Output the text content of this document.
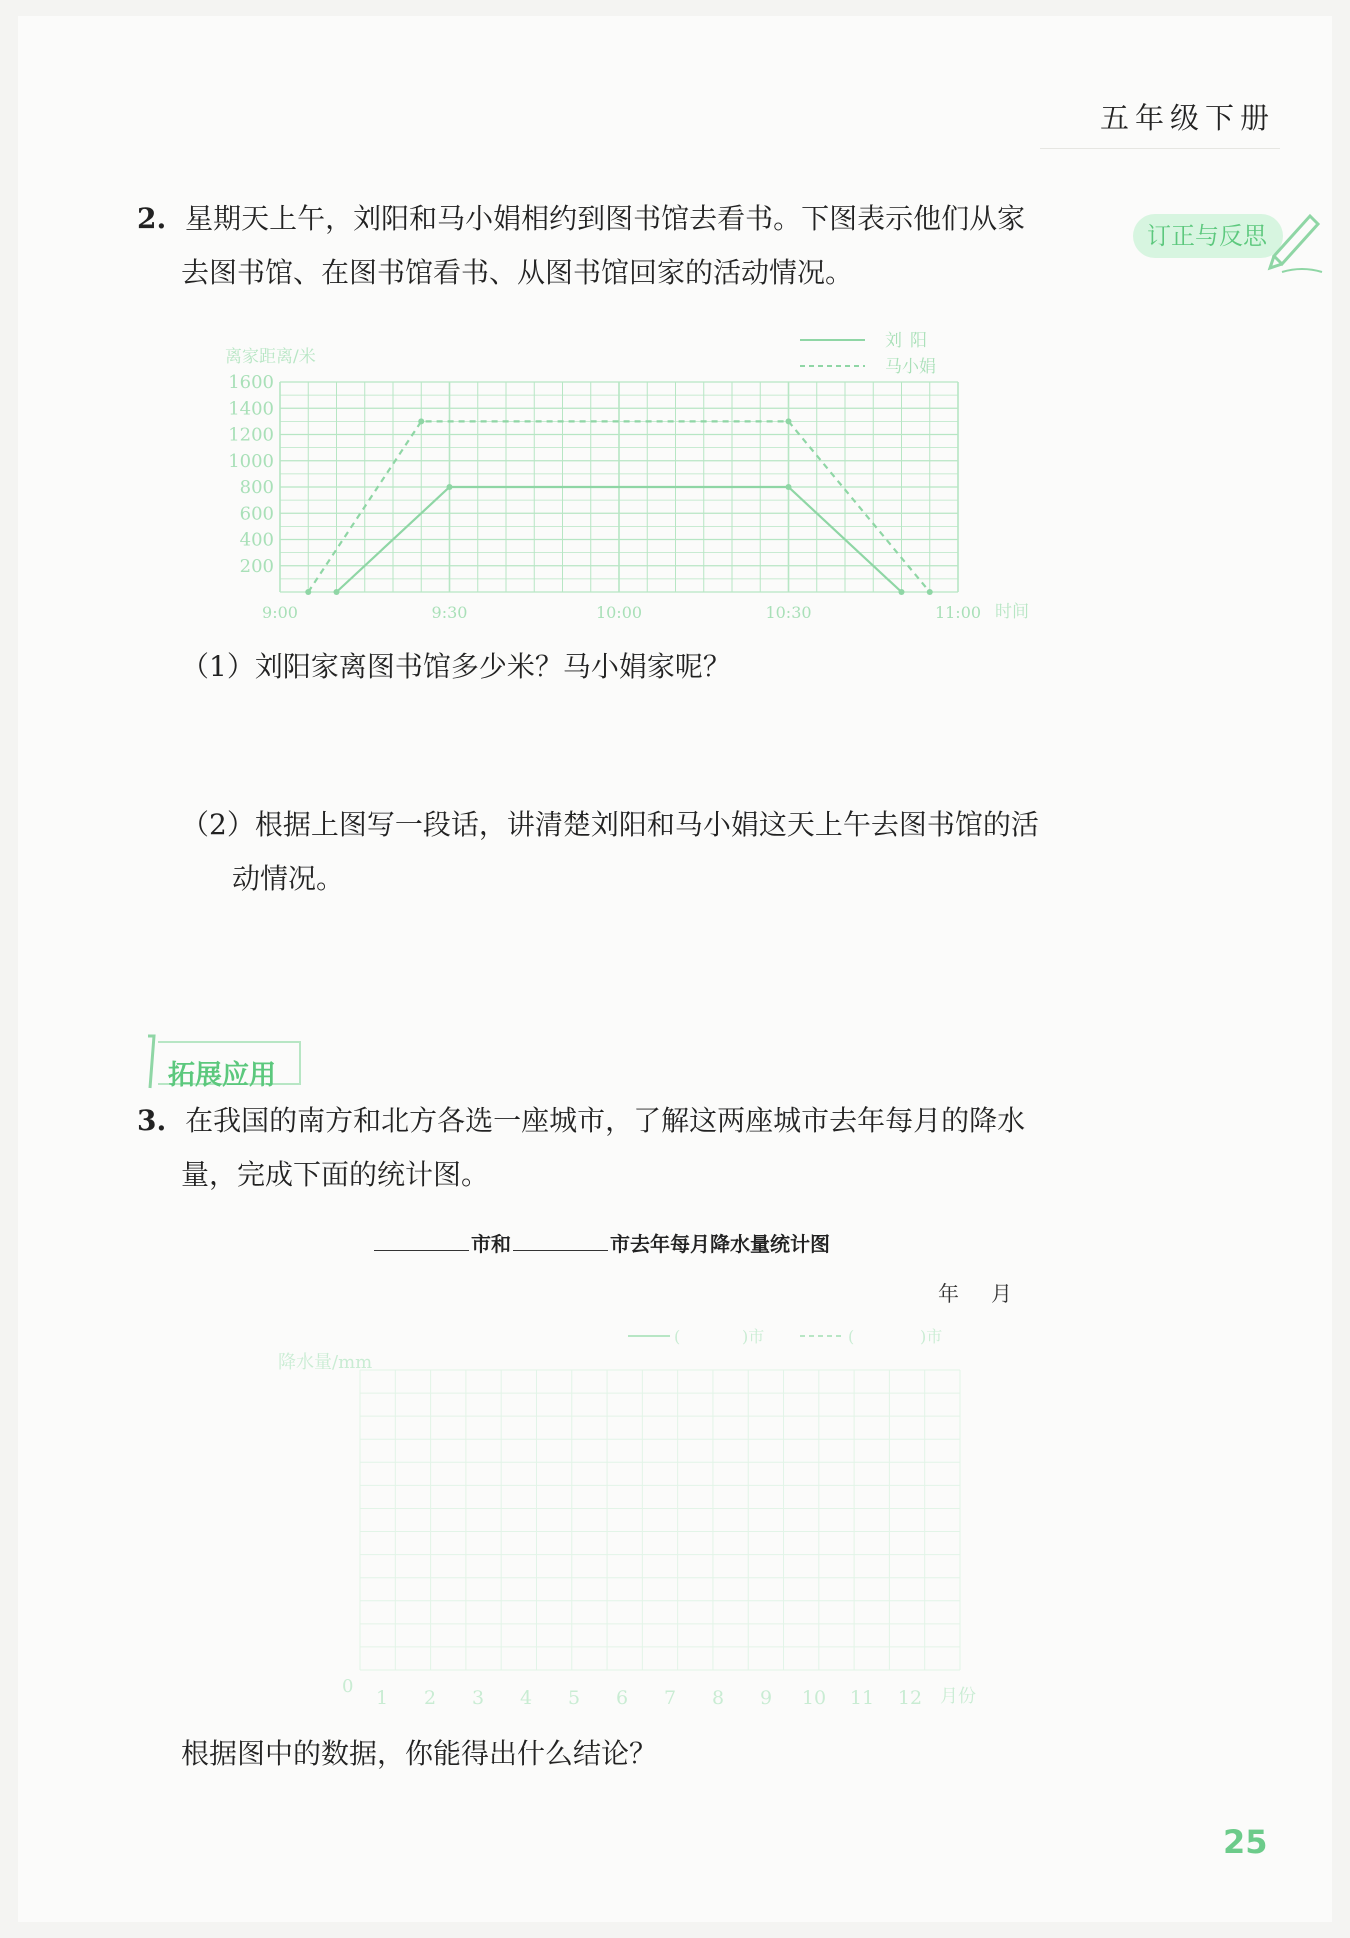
五年级下册
订正与反思
2. 星期天上午，刘阳和马小娟相约到图书馆去看书。下图表示他们从家
去图书馆、在图书馆看书、从图书馆回家的活动情况。
200
400
600
800
1000
1200
1400
1600
9:00	9:30	10:00	10:30	11:00
离家距离/米
时间
刘阳
马小娟
（1）刘阳家离图书馆多少米？马小娟家呢？
（2）根据上图写一段话，讲清楚刘阳和马小娟这天上午去图书馆的活
动情况。
拓展应用
3. 在我国的南方和北方各选一座城市，了解这两座城市去年每月的降水
量，完成下面的统计图。
市和	市去年每月降水量统计图
年 月
1 2 3 4 5 6 7 8 9 10 11 12
降水量/mm
0	月份
(	)市	(	)市
根据图中的数据，你能得出什么结论？
25
